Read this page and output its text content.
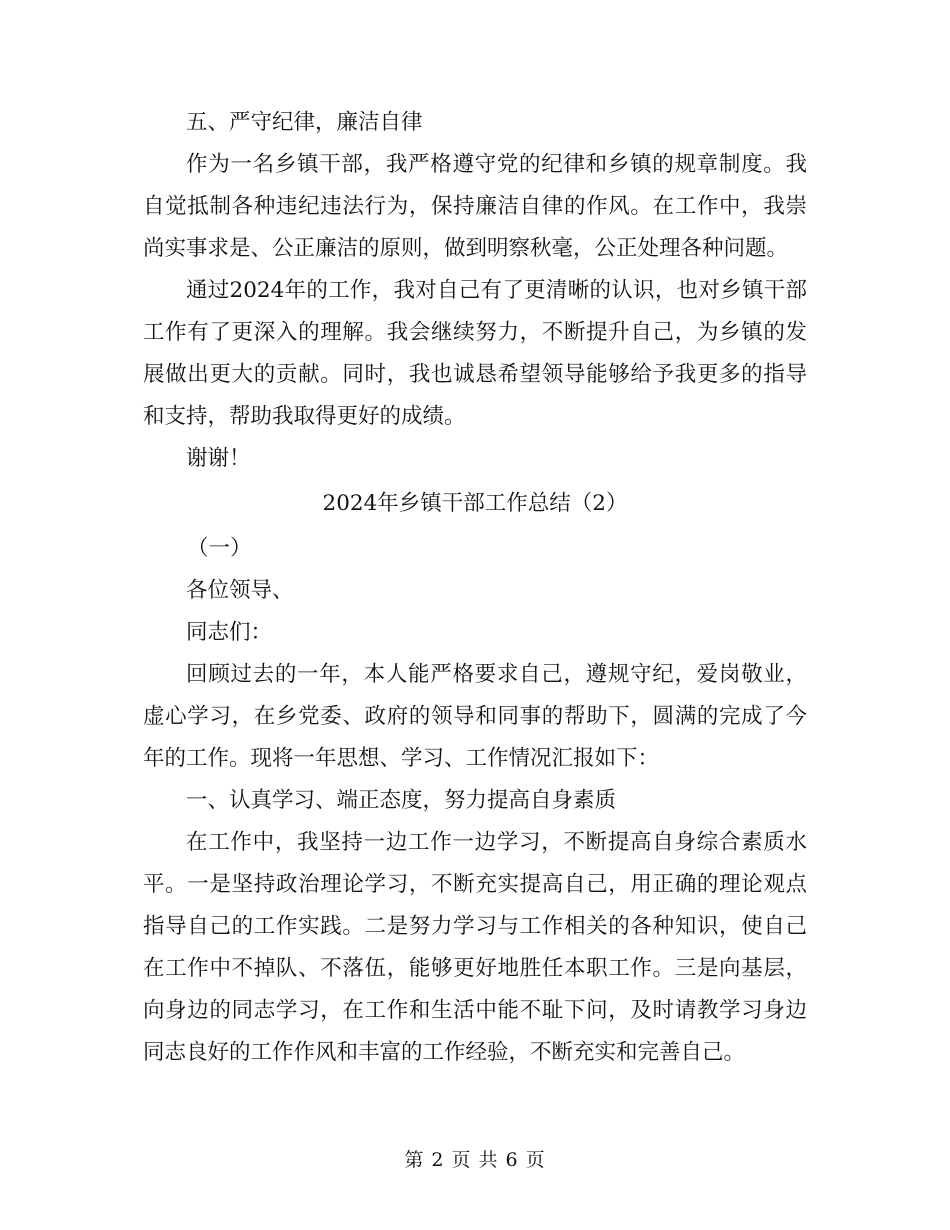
五、严守纪律，廉洁自律

作为一名乡镇干部，我严格遵守党的纪律和乡镇的规章制度。我自觉抵制各种违纪违法行为，保持廉洁自律的作风。在工作中，我崇尚实事求是、公正廉洁的原则，做到明察秋毫，公正处理各种问题。

通过2024年的工作，我对自己有了更清晰的认识，也对乡镇干部工作有了更深入的理解。我会继续努力，不断提升自己，为乡镇的发展做出更大的贡献。同时，我也诚恳希望领导能够给予我更多的指导和支持，帮助我取得更好的成绩。

谢谢！

2024年乡镇干部工作总结（2）

（一）

各位领导、

同志们：

回顾过去的一年，本人能严格要求自己，遵规守纪，爱岗敬业，虚心学习，在乡党委、政府的领导和同事的帮助下，圆满的完成了今年的工作。现将一年思想、学习、工作情况汇报如下：

一、认真学习、端正态度，努力提高自身素质

在工作中，我坚持一边工作一边学习，不断提高自身综合素质水平。一是坚持政治理论学习，不断充实提高自己，用正确的理论观点指导自己的工作实践。二是努力学习与工作相关的各种知识，使自己在工作中不掉队、不落伍，能够更好地胜任本职工作。三是向基层，向身边的同志学习，在工作和生活中能不耻下问，及时请教学习身边同志良好的工作作风和丰富的工作经验，不断充实和完善自己。

第 2 页 共 6 页
